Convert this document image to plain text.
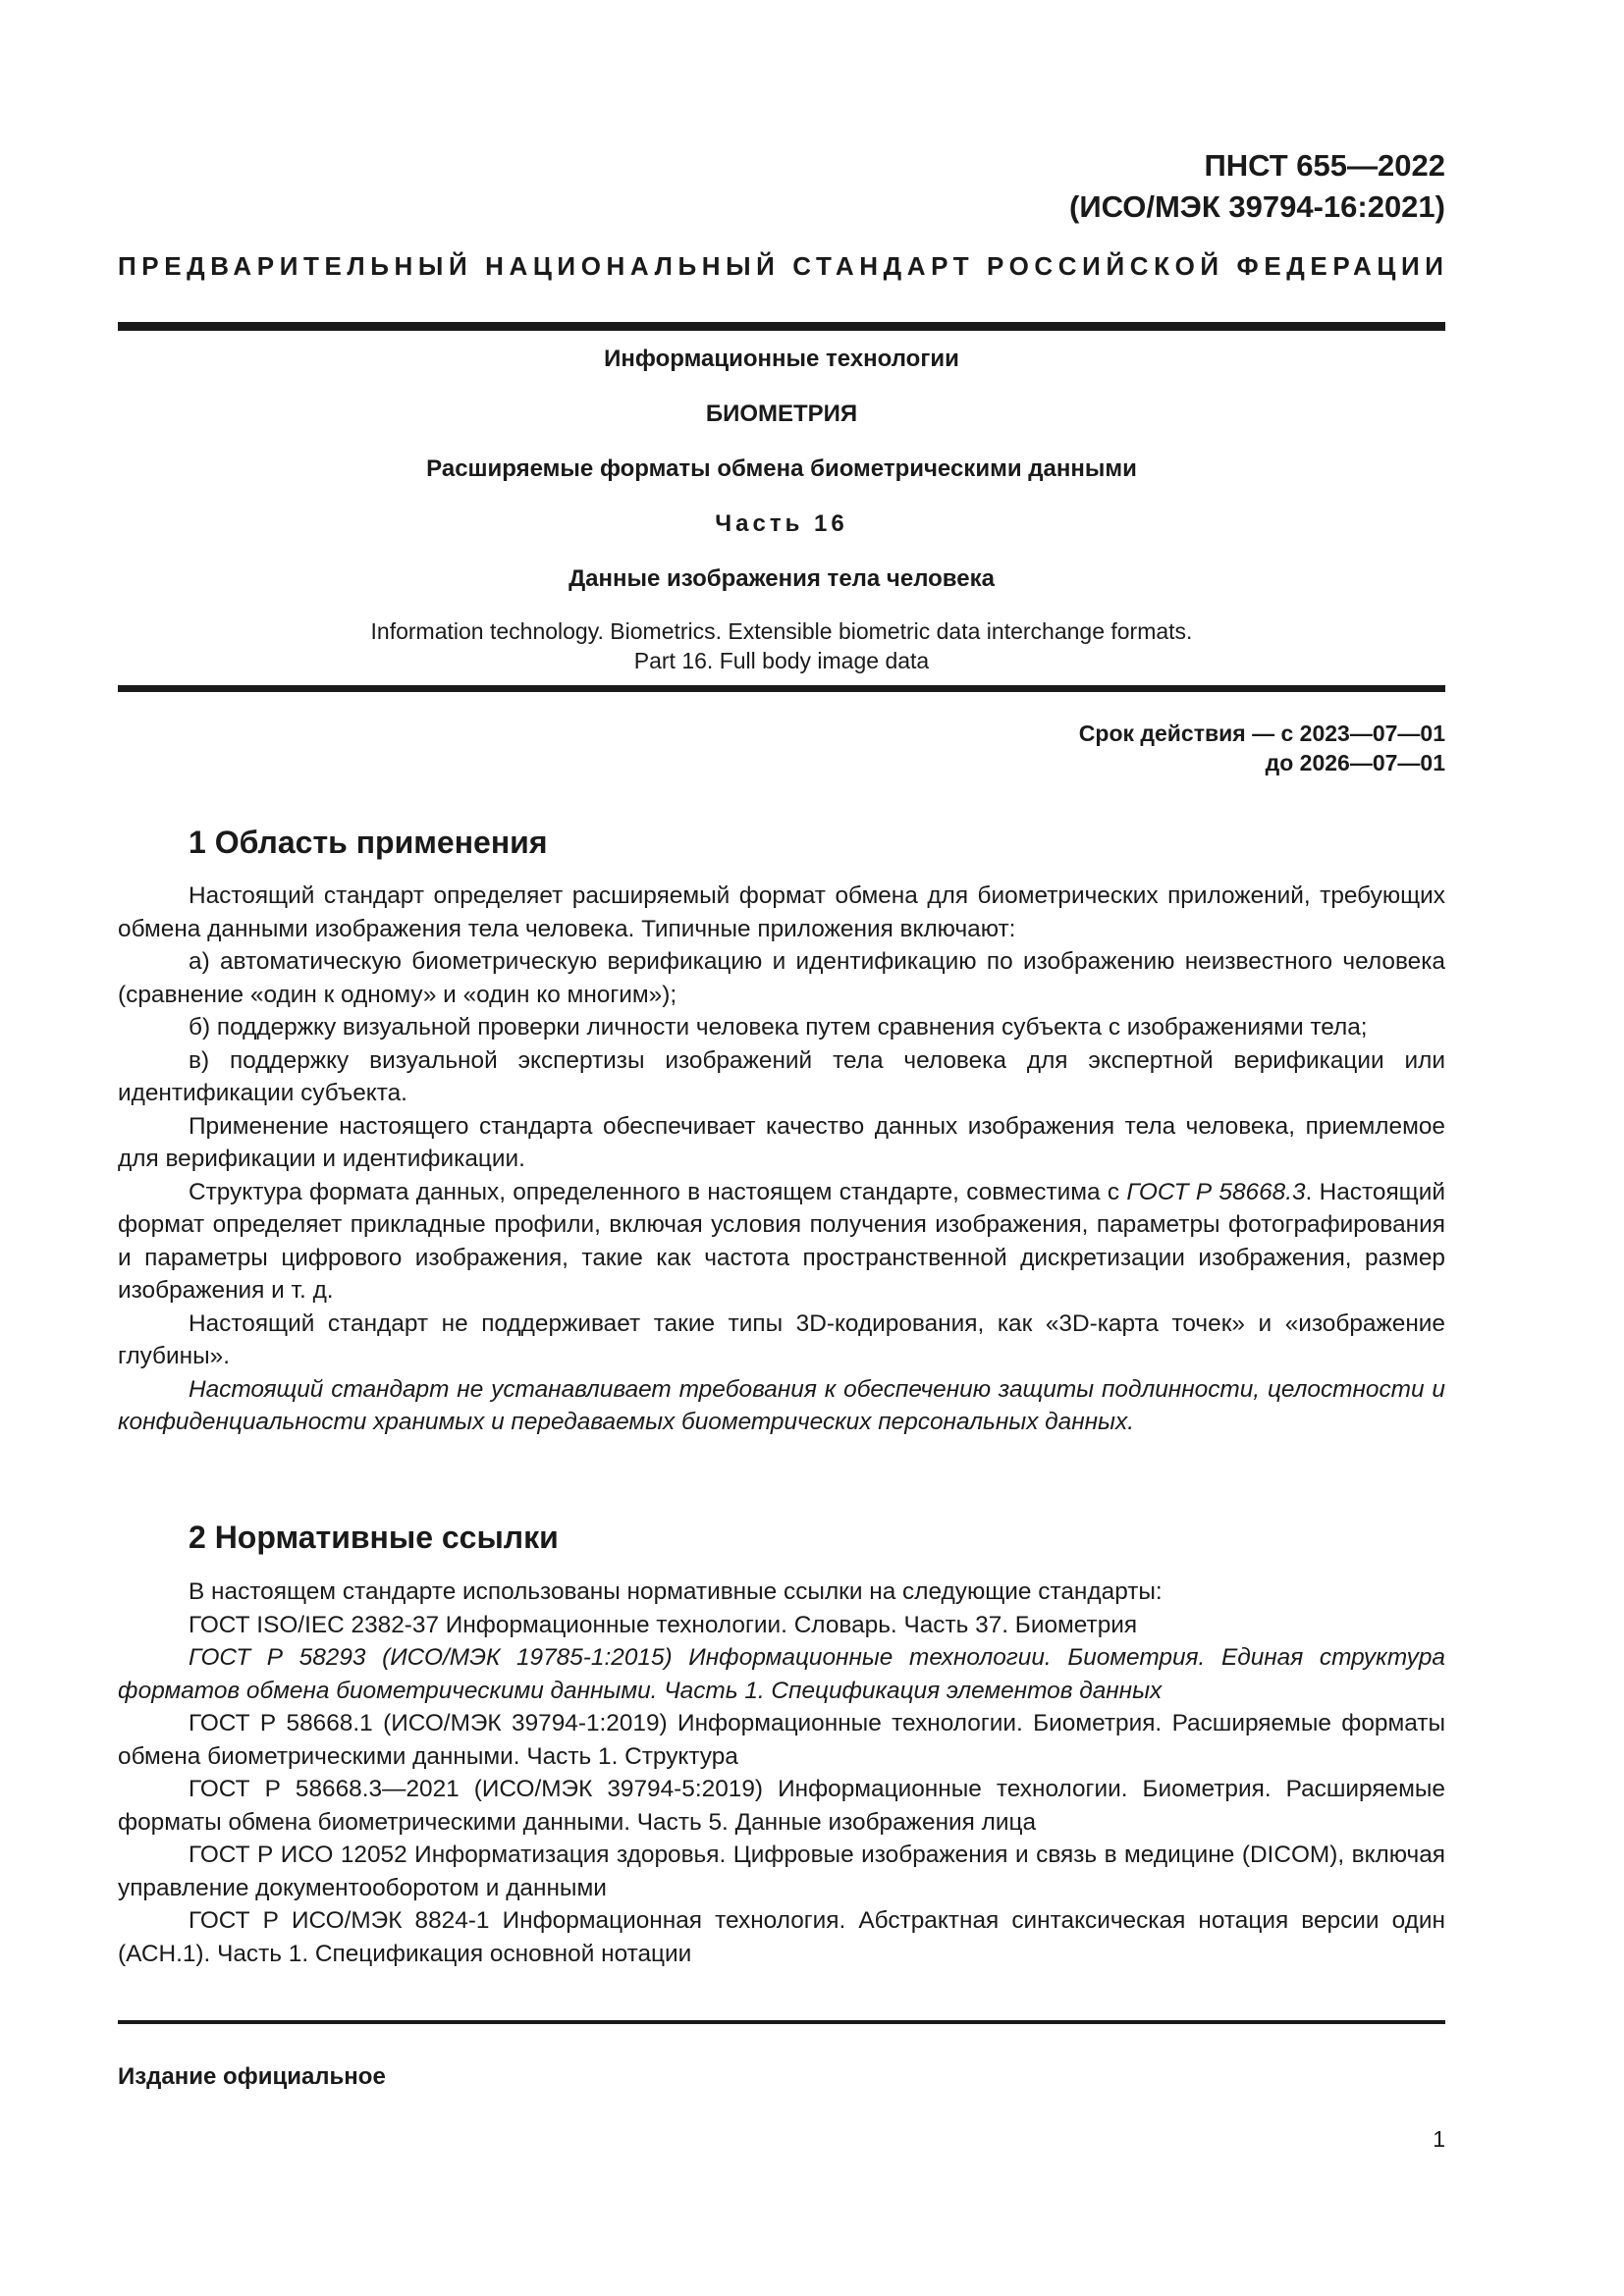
ПНСТ 655—2022
(ИСО/МЭК 39794-16:2021)
ПРЕДВАРИТЕЛЬНЫЙ НАЦИОНАЛЬНЫЙ СТАНДАРТ РОССИЙСКОЙ ФЕДЕРАЦИИ
Информационные технологии
БИОМЕТРИЯ
Расширяемые форматы обмена биометрическими данными
Часть 16
Данные изображения тела человека
Information technology. Biometrics. Extensible biometric data interchange formats.
Part 16. Full body image data
Срок действия — с 2023—07—01
до 2026—07—01
1 Область применения

Настоящий стандарт определяет расширяемый формат обмена для биометрических приложений, требующих обмена данными изображения тела человека. Типичные приложения включают:

а) автоматическую биометрическую верификацию и идентификацию по изображению неизвестного человека (сравнение «один к одному» и «один ко многим»);

б) поддержку визуальной проверки личности человека путем сравнения субъекта с изображениями тела;

в) поддержку визуальной экспертизы изображений тела человека для экспертной верификации или идентификации субъекта.

Применение настоящего стандарта обеспечивает качество данных изображения тела человека, приемлемое для верификации и идентификации.

Структура формата данных, определенного в настоящем стандарте, совместима с ГОСТ Р 58668.3. Настоящий формат определяет прикладные профили, включая условия получения изображения, параметры фотографирования и параметры цифрового изображения, такие как частота пространственной дискретизации изображения, размер изображения и т. д.

Настоящий стандарт не поддерживает такие типы 3D-кодирования, как «3D-карта точек» и «изображение глубины».

Настоящий стандарт не устанавливает требования к обеспечению защиты подлинности, целостности и конфиденциальности хранимых и передаваемых биометрических персональных данных.

2 Нормативные ссылки

В настоящем стандарте использованы нормативные ссылки на следующие стандарты:

ГОСТ ISO/IEC 2382-37 Информационные технологии. Словарь. Часть 37. Биометрия

ГОСТ Р 58293 (ИСО/МЭК 19785-1:2015) Информационные технологии. Биометрия. Единая структура форматов обмена биометрическими данными. Часть 1. Спецификация элементов данных

ГОСТ Р 58668.1 (ИСО/МЭК 39794-1:2019) Информационные технологии. Биометрия. Расширяемые форматы обмена биометрическими данными. Часть 1. Структура

ГОСТ Р 58668.3—2021 (ИСО/МЭК 39794-5:2019) Информационные технологии. Биометрия. Расширяемые форматы обмена биометрическими данными. Часть 5. Данные изображения лица

ГОСТ Р ИСО 12052 Информатизация здоровья. Цифровые изображения и связь в медицине (DICOM), включая управление документооборотом и данными

ГОСТ Р ИСО/МЭК 8824-1 Информационная технология. Абстрактная синтаксическая нотация версии один (АСН.1). Часть 1. Спецификация основной нотации

Издание официальное
1
